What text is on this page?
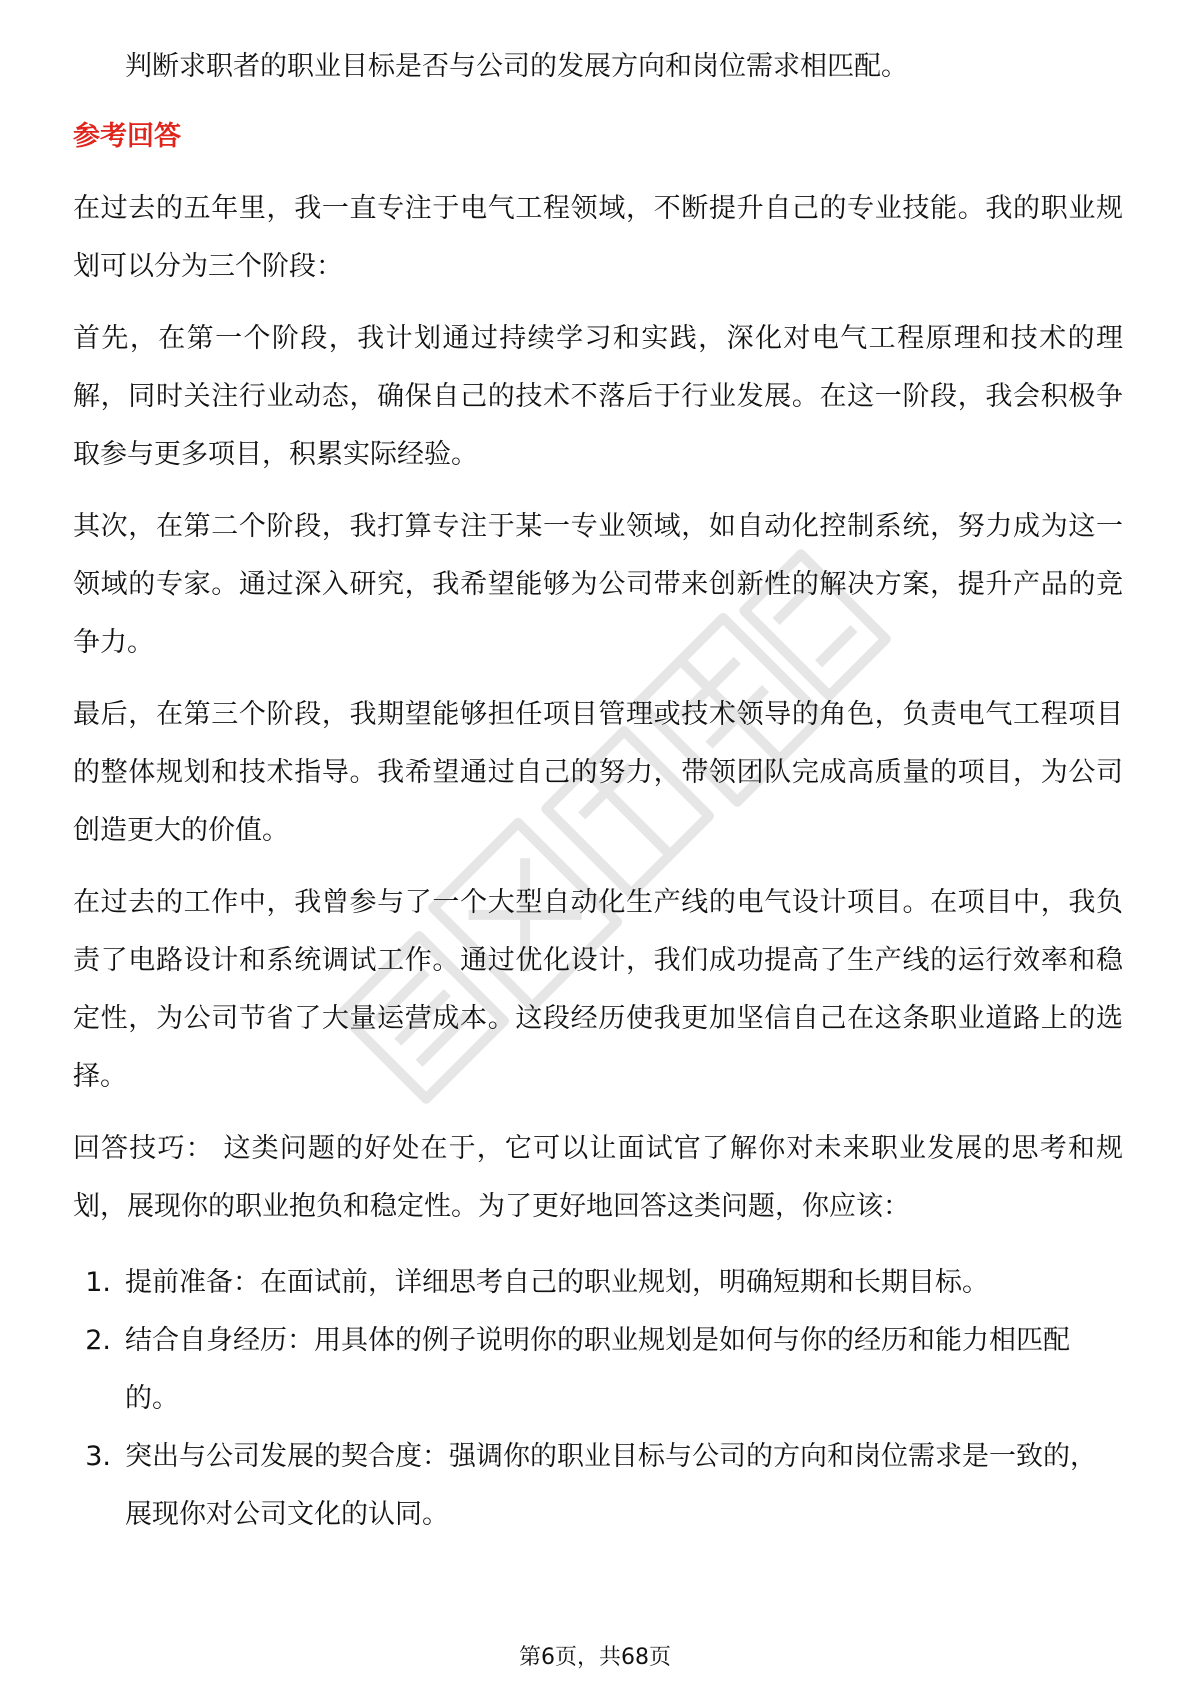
判断求职者的职业目标是否与公司的发展方向和岗位需求相匹配。

参考回答

在过去的五年里，我一直专注于电气工程领域，不断提升自己的专业技能。我的职业规划可以分为三个阶段：

首先，在第一个阶段，我计划通过持续学习和实践，深化对电气工程原理和技术的理解，同时关注行业动态，确保自己的技术不落后于行业发展。在这一阶段，我会积极争取参与更多项目，积累实际经验。

其次，在第二个阶段，我打算专注于某一专业领域，如自动化控制系统，努力成为这一领域的专家。通过深入研究，我希望能够为公司带来创新性的解决方案，提升产品的竞争力。

最后，在第三个阶段，我期望能够担任项目管理或技术领导的角色，负责电气工程项目的整体规划和技术指导。我希望通过自己的努力，带领团队完成高质量的项目，为公司创造更大的价值。

在过去的工作中，我曾参与了一个大型自动化生产线的电气设计项目。在项目中，我负责了电路设计和系统调试工作。通过优化设计，我们成功提高了生产线的运行效率和稳定性，为公司节省了大量运营成本。这段经历使我更加坚信自己在这条职业道路上的选择。

回答技巧： 这类问题的好处在于，它可以让面试官了解你对未来职业发展的思考和规划，展现你的职业抱负和稳定性。为了更好地回答这类问题，你应该：

1. 提前准备：在面试前，详细思考自己的职业规划，明确短期和长期目标。
2. 结合自身经历：用具体的例子说明你的职业规划是如何与你的经历和能力相匹配的。
3. 突出与公司发展的契合度：强调你的职业目标与公司的方向和岗位需求是一致的，展现你对公司文化的认同。
第6页，共68页
